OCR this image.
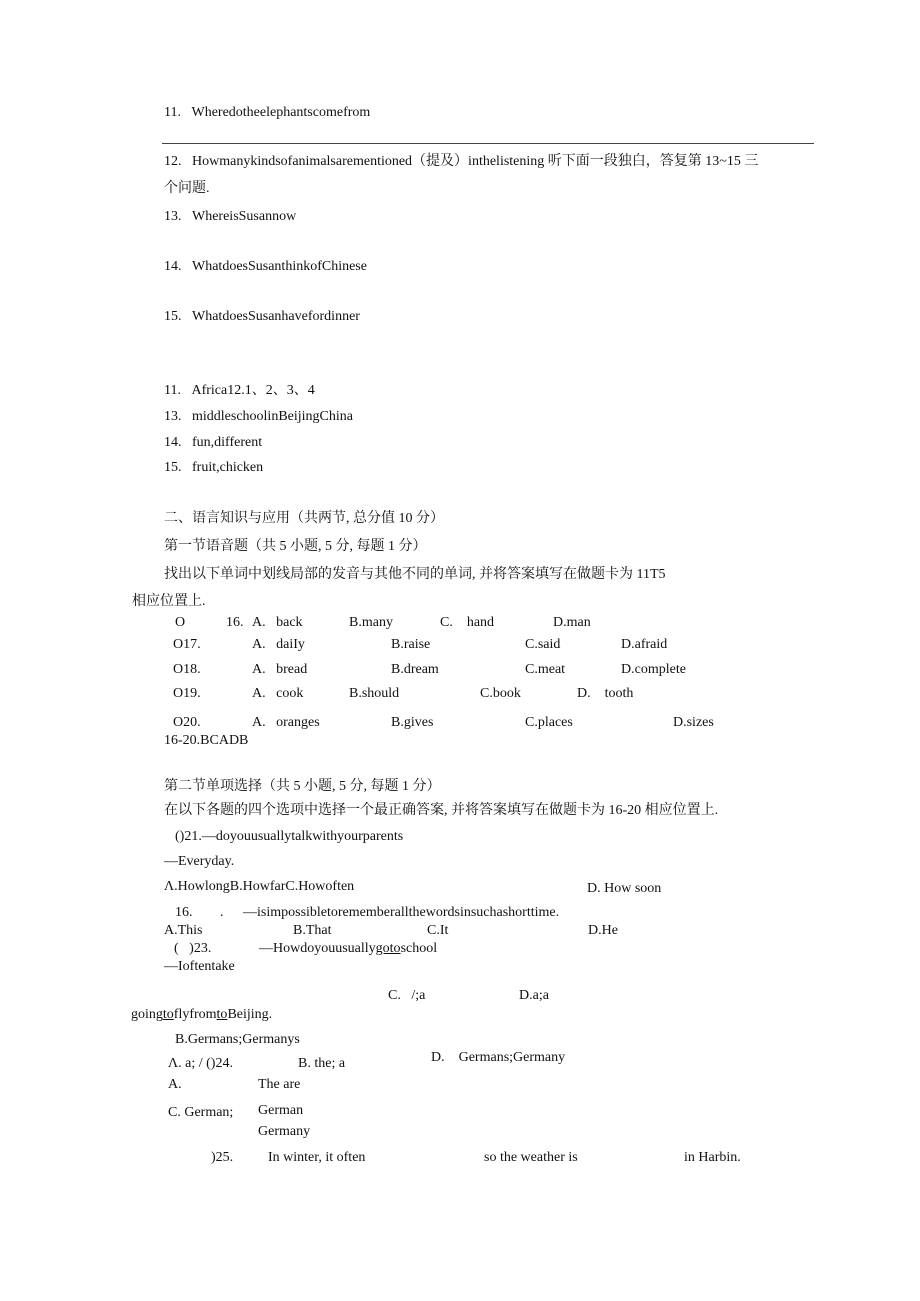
11.   Wheredotheelephantscomefrom
12.   Howmanykindsofanimalsarementioned（提及）inthelistening 听下面一段独白，答复第 13~15 三
个问题.
13.   WhereisSusannow
14.   WhatdoesSusanthinkofChinese
15.   WhatdoesSusanhavefordinner
11.   Africa12.1、2、3、4
13.   middleschoolinBeijingChina
14.   fun,different
15.   fruit,chicken
二、语言知识与应用（共两节, 总分值 10 分）
第一节语音题（共 5 小题, 5 分, 每题 1 分）
找出以下单词中划线局部的发音与其他不同的单词, 并将答案填写在做题卡为 11T5
相应位置上.
O	16. A.   back	B.many	C.    hand	D.man
O17.	A.   daiIy	B.raise	C.said	D.afraid
O18.	A.   bread	B.dream	C.meat	D.complete
O19.	A.   cook	B.should	C.book	D.    tooth
O20.	A.   oranges	B.gives	C.places	D.sizes
16-20.BCADB
第二节单项选择（共 5 小题, 5 分, 每题 1 分）
在以下各题的四个选项中选择一个最正确答案, 并将答案填写在做题卡为 16-20 相应位置上.
()21.—doyouusuallytalkwithyourparents
—Everyday.
Λ.HowlongB.HowfarC.Howoften	D. How soon
16. . —isimpossibletorememberallthewordsinsuchashorttime.
A.This	B.That	C.It	D.He
(   )23.	—Howdoyouusuallygotoschool
—Ioftentake
C.   /;a	D.a;a
goingtoflyfromtoBeijing.
B.Germans;Germanys
Λ. a; / ()24.	B. the; a	D.    Germans;Germany
A.	The are
C. German; German
Germany
)25. In winter, it often	so the weather is	in Harbin.
